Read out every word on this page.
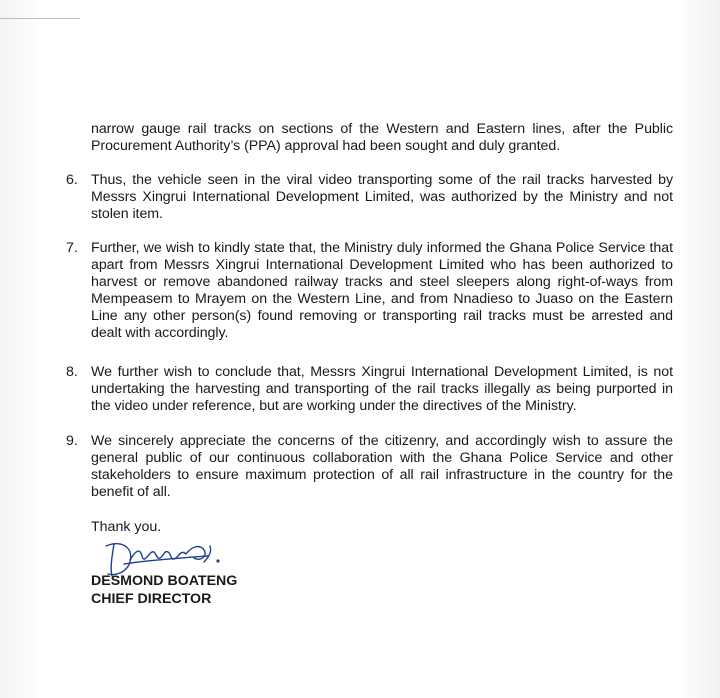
narrow gauge rail tracks on sections of the Western and Eastern lines, after the Public Procurement Authority’s (PPA) approval had been sought and duly granted.
6. Thus, the vehicle seen in the viral video transporting some of the rail tracks harvested by Messrs Xingrui International Development Limited, was authorized by the Ministry and not stolen item.
7. Further, we wish to kindly state that, the Ministry duly informed the Ghana Police Service that apart from Messrs Xingrui International Development Limited who has been authorized to harvest or remove abandoned railway tracks and steel sleepers along right-of-ways from Mempeasem to Mrayem on the Western Line, and from Nnadieso to Juaso on the Eastern Line any other person(s) found removing or transporting rail tracks must be arrested and dealt with accordingly.
8. We further wish to conclude that, Messrs Xingrui International Development Limited, is not undertaking the harvesting and transporting of the rail tracks illegally as being purported in the video under reference, but are working under the directives of the Ministry.
9. We sincerely appreciate the concerns of the citizenry, and accordingly wish to assure the general public of our continuous collaboration with the Ghana Police Service and other stakeholders to ensure maximum protection of all rail infrastructure in the country for the benefit of all.
Thank you.
DESMOND BOATENG
CHIEF DIRECTOR
